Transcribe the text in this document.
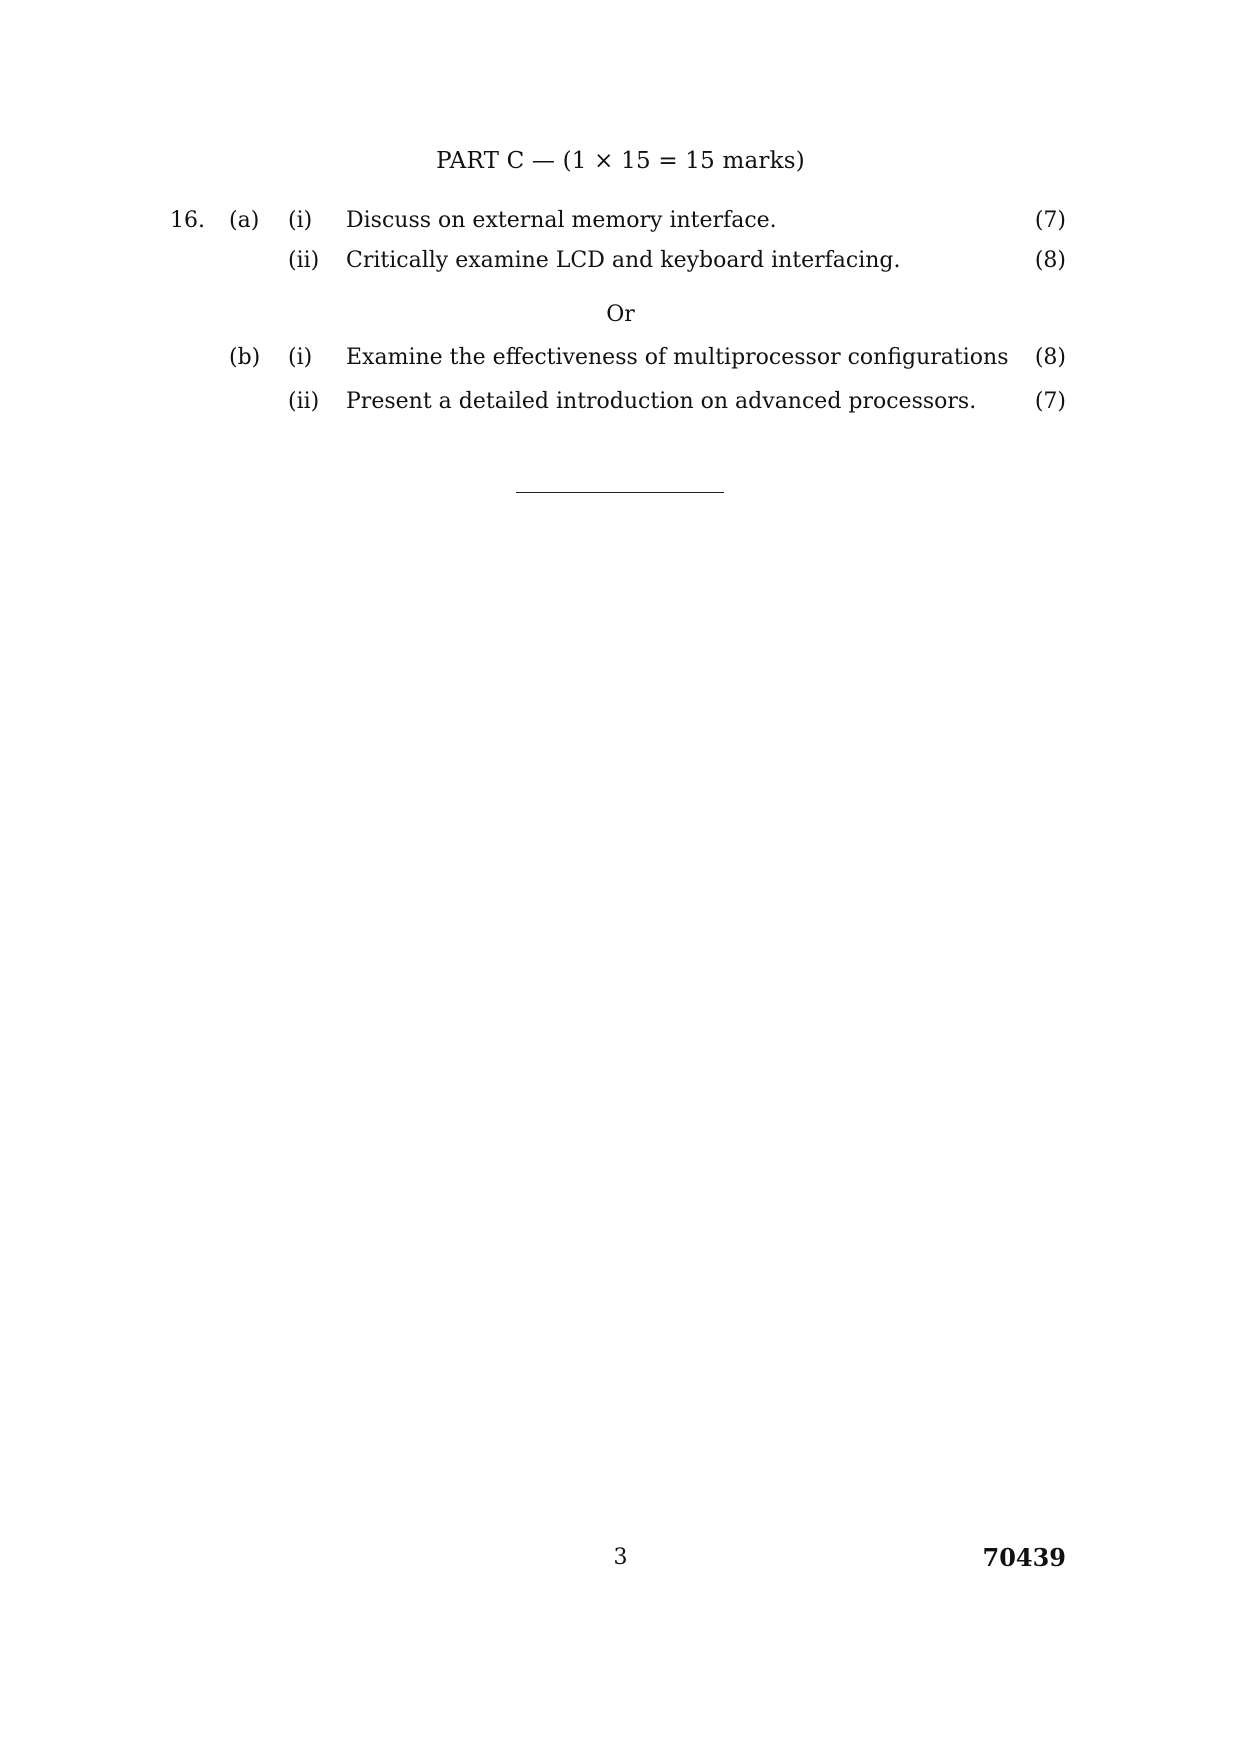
PART C — (1 × 15 = 15 marks)
16. (a) (i) Discuss on external memory interface.	(7)
(ii) Critically examine LCD and keyboard interfacing.	(8)
Or
(b) (i) Examine the effectiveness of multiprocessor configurations (8)
(ii) Present a detailed introduction on advanced processors.	(7)
3	70439
